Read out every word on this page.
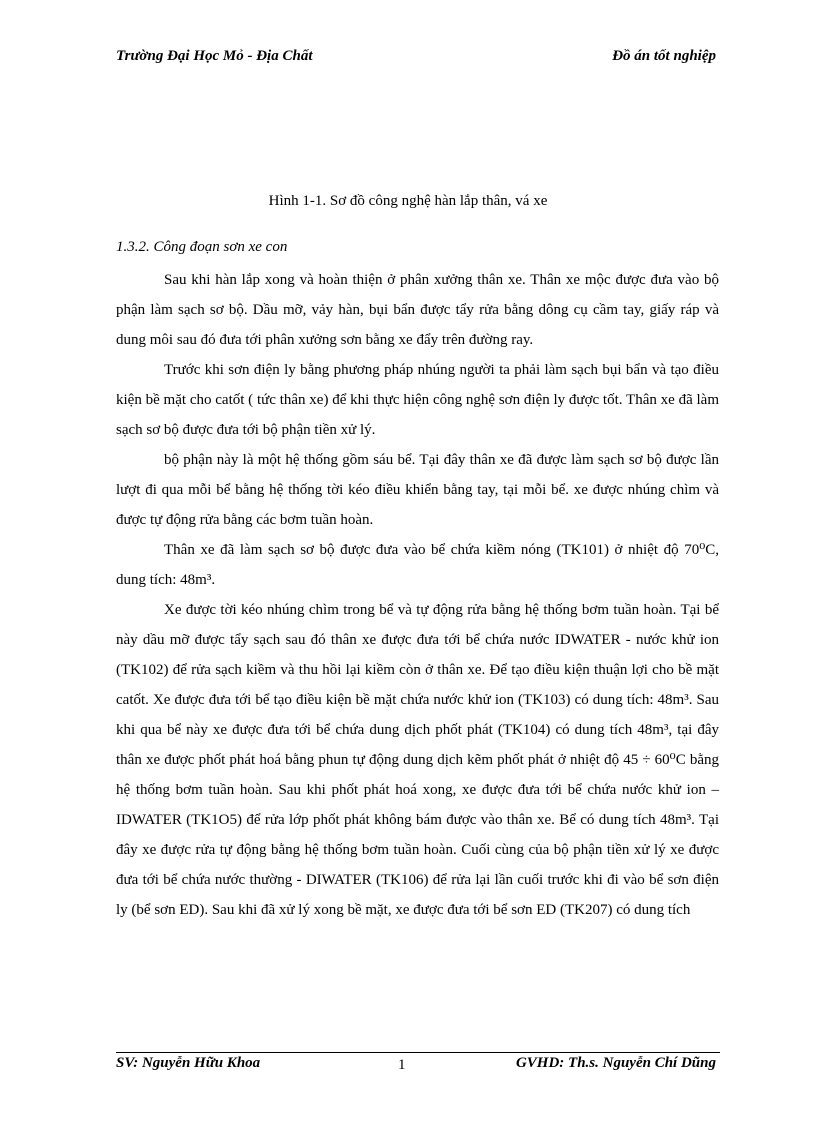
Trường Đại Học Mỏ - Địa Chất	Đồ án tốt nghiệp
Hình 1-1. Sơ đồ công nghệ hàn lắp thân, vá xe
1.3.2. Công đoạn sơn xe con

Sau khi hàn lắp xong và hoàn thiện ở phân xưởng thân xe. Thân xe mộc được đưa vào bộ phận làm sạch sơ bộ. Dầu mỡ, vảy hàn, bụi bẩn được tẩy rửa bằng dông cụ cầm tay, giấy ráp và dung môi sau đó đưa tới phân xưởng sơn bằng xe đẩy trên đường ray.

Trước khi sơn điện ly bằng phương pháp nhúng người ta phải làm sạch bụi bẩn và tạo điều kiện bề mặt cho catốt ( tức thân xe) để khi thực hiện công nghệ sơn điện ly được tốt. Thân xe đã làm sạch sơ bộ được đưa tới bộ phận tiền xử lý.

bộ phận này là một hệ thống gồm sáu bể. Tại đây thân xe đã được làm sạch sơ bộ được lần lượt đi qua mỗi bể bằng hệ thống tời kéo điều khiển bằng tay, tại mỗi bể. xe được nhúng chìm và được tự động rửa bằng các bơm tuần hoàn.

Thân xe đã làm sạch sơ bộ được đưa vào bể chứa kiềm nóng (TK101) ở nhiệt độ 70⁰C, dung tích: 48m³.

Xe được tời kéo nhúng chìm trong bể và tự động rửa bằng hệ thống bơm tuần hoàn. Tại bể này dầu mỡ được tẩy sạch sau đó thân xe được đưa tới bể chứa nước IDWATER - nước khử ion (TK102) để rửa sạch kiềm và thu hồi lại kiềm còn ở thân xe. Để tạo điều kiện thuận lợi cho bề mặt catốt. Xe được đưa tới bể tạo điều kiện bề mặt chứa nước khử ion (TK103) có dung tích: 48m³. Sau khi qua bể này xe được đưa tới bể chứa dung dịch phốt phát (TK104) có dung tích 48m³, tại đây thân xe được phốt phát hoá bằng phun tự động dung dịch kẽm phốt phát ở nhiệt độ 45 ÷ 60⁰C bằng hệ thống bơm tuần hoàn. Sau khi phốt phát hoá xong, xe được đưa tới bể chứa nước khử ion –IDWATER (TK1O5) để rửa lớp phốt phát không bám được vào thân xe. Bể có dung tích 48m³. Tại đây xe được rửa tự động bằng hệ thống bơm tuần hoàn. Cuối cùng của bộ phận tiền xử lý xe được đưa tới bể chứa nước thường - DIWATER (TK106) để rửa lại lần cuối trước khi đi vào bể sơn điện ly (bể sơn ED). Sau khi đã xử lý xong bề mặt, xe được đưa tới bể sơn ED (TK207) có dung tích

SV: Nguyễn Hữu Khoa	1	GVHD: Th.s. Nguyễn Chí Dũng
